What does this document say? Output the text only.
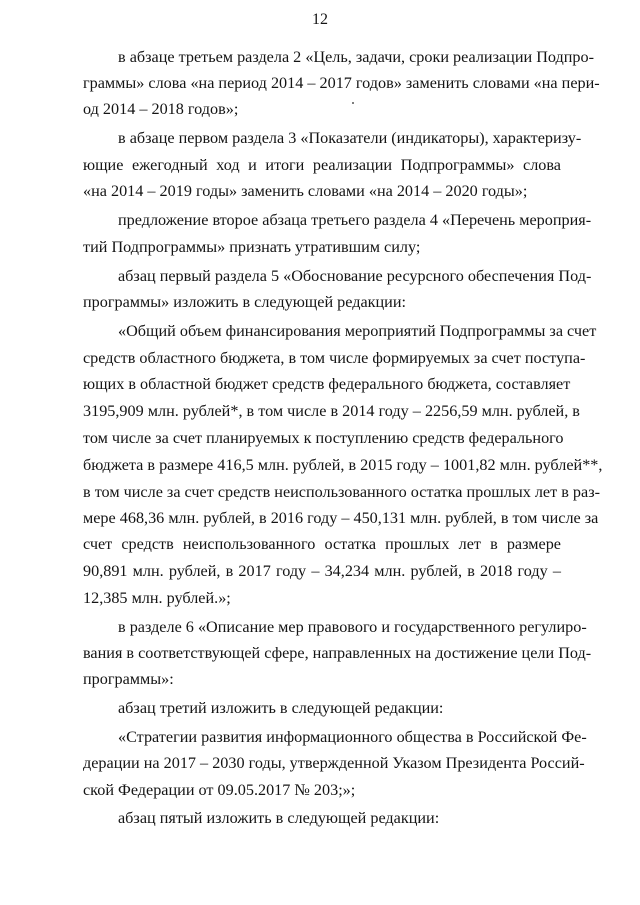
12
в абзаце третьем раздела 2 «Цель, задачи, сроки реализации Подпро-
граммы» слова «на период 2014 – 2017 годов» заменить словами «на пери-
од 2014 – 2018 годов»;
в абзаце первом раздела 3 «Показатели (индикаторы), характеризу-
ющие ежегодный ход и итоги реализации Подпрограммы» слова
«на 2014 – 2019 годы» заменить словами «на 2014 – 2020 годы»;
предложение второе абзаца третьего раздела 4 «Перечень мероприя-
тий Подпрограммы» признать утратившим силу;
абзац первый раздела 5 «Обоснование ресурсного обеспечения Под-
программы» изложить в следующей редакции:
«Общий объем финансирования мероприятий Подпрограммы за счет
средств областного бюджета, в том числе формируемых за счет поступа-
ющих в областной бюджет средств федерального бюджета, составляет
3195,909 млн. рублей*, в том числе в 2014 году – 2256,59 млн. рублей, в
том числе за счет планируемых к поступлению средств федерального
бюджета в размере 416,5 млн. рублей, в 2015 году – 1001,82 млн. рублей**,
в том числе за счет средств неиспользованного остатка прошлых лет в раз-
мере 468,36 млн. рублей, в 2016 году – 450,131 млн. рублей, в том числе за
счет средств неиспользованного остатка прошлых лет в размере
90,891 млн. рублей, в 2017 году – 34,234 млн. рублей, в 2018 году –
12,385 млн. рублей.»;
в разделе 6 «Описание мер правового и государственного регулиро-
вания в соответствующей сфере, направленных на достижение цели Под-
программы»:
абзац третий изложить в следующей редакции:
«Стратегии развития информационного общества в Российской Фе-
дерации на 2017 – 2030 годы, утвержденной Указом Президента Россий-
ской Федерации от 09.05.2017 № 203;»;
абзац пятый изложить в следующей редакции:
